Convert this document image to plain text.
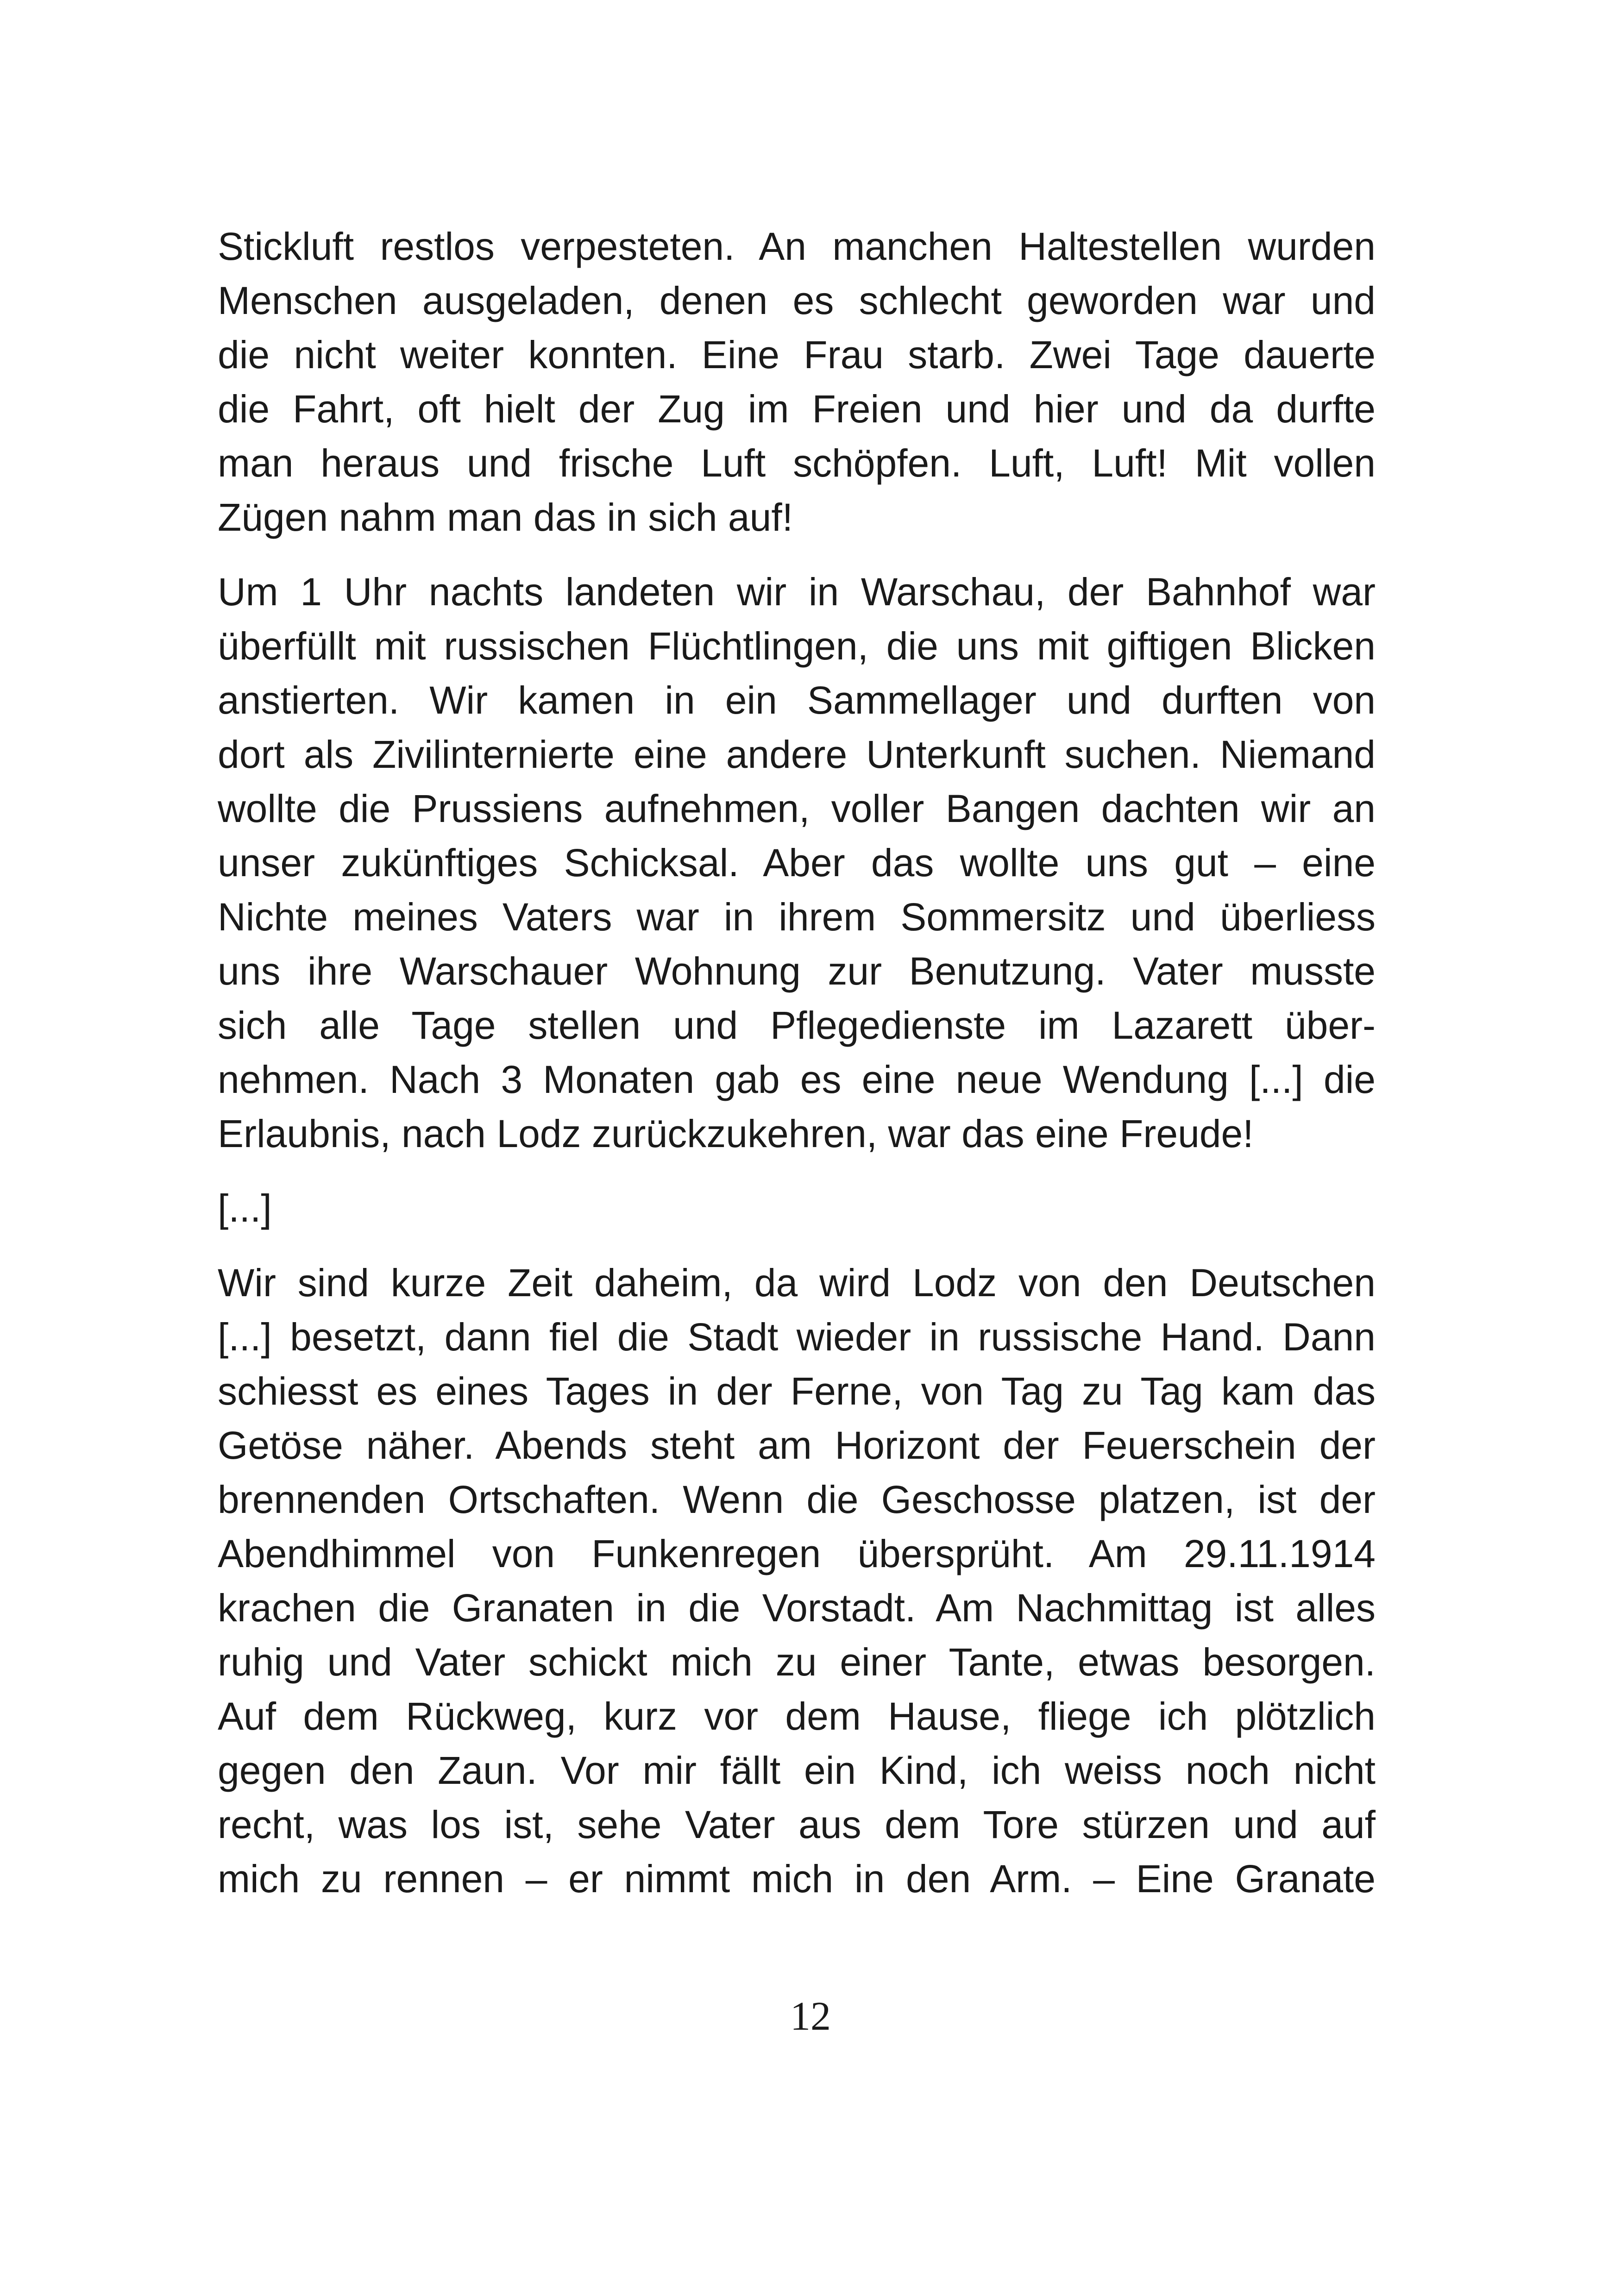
Stickluft restlos verpesteten. An manchen Haltestellen wurden
Menschen ausgeladen, denen es schlecht geworden war und
die nicht weiter konnten. Eine Frau starb. Zwei Tage dauerte
die Fahrt, oft hielt der Zug im Freien und hier und da durfte
man heraus und frische Luft schöpfen. Luft, Luft! Mit vollen
Zügen nahm man das in sich auf!
Um 1 Uhr nachts landeten wir in Warschau, der Bahnhof war
überfüllt mit russischen Flüchtlingen, die uns mit giftigen Blicken
anstierten. Wir kamen in ein Sammellager und durften von
dort als Zivilinternierte eine andere Unterkunft suchen. Niemand
wollte die Prussiens aufnehmen, voller Bangen dachten wir an
unser zukünftiges Schicksal. Aber das wollte uns gut – eine
Nichte meines Vaters war in ihrem Sommersitz und überliess
uns ihre Warschauer Wohnung zur Benutzung. Vater musste
sich alle Tage stellen und Pflegedienste im Lazarett über-
nehmen. Nach 3 Monaten gab es eine neue Wendung [...] die
Erlaubnis, nach Lodz zurückzukehren, war das eine Freude!
[...]
Wir sind kurze Zeit daheim, da wird Lodz von den Deutschen
[...] besetzt, dann fiel die Stadt wieder in russische Hand. Dann
schiesst es eines Tages in der Ferne, von Tag zu Tag kam das
Getöse näher. Abends steht am Horizont der Feuerschein der
brennenden Ortschaften. Wenn die Geschosse platzen, ist der
Abendhimmel von Funkenregen übersprüht. Am 29.11.1914
krachen die Granaten in die Vorstadt. Am Nachmittag ist alles
ruhig und Vater schickt mich zu einer Tante, etwas besorgen.
Auf dem Rückweg, kurz vor dem Hause, fliege ich plötzlich
gegen den Zaun. Vor mir fällt ein Kind, ich weiss noch nicht
recht, was los ist, sehe Vater aus dem Tore stürzen und auf
mich zu rennen – er nimmt mich in den Arm. – Eine Granate
12
